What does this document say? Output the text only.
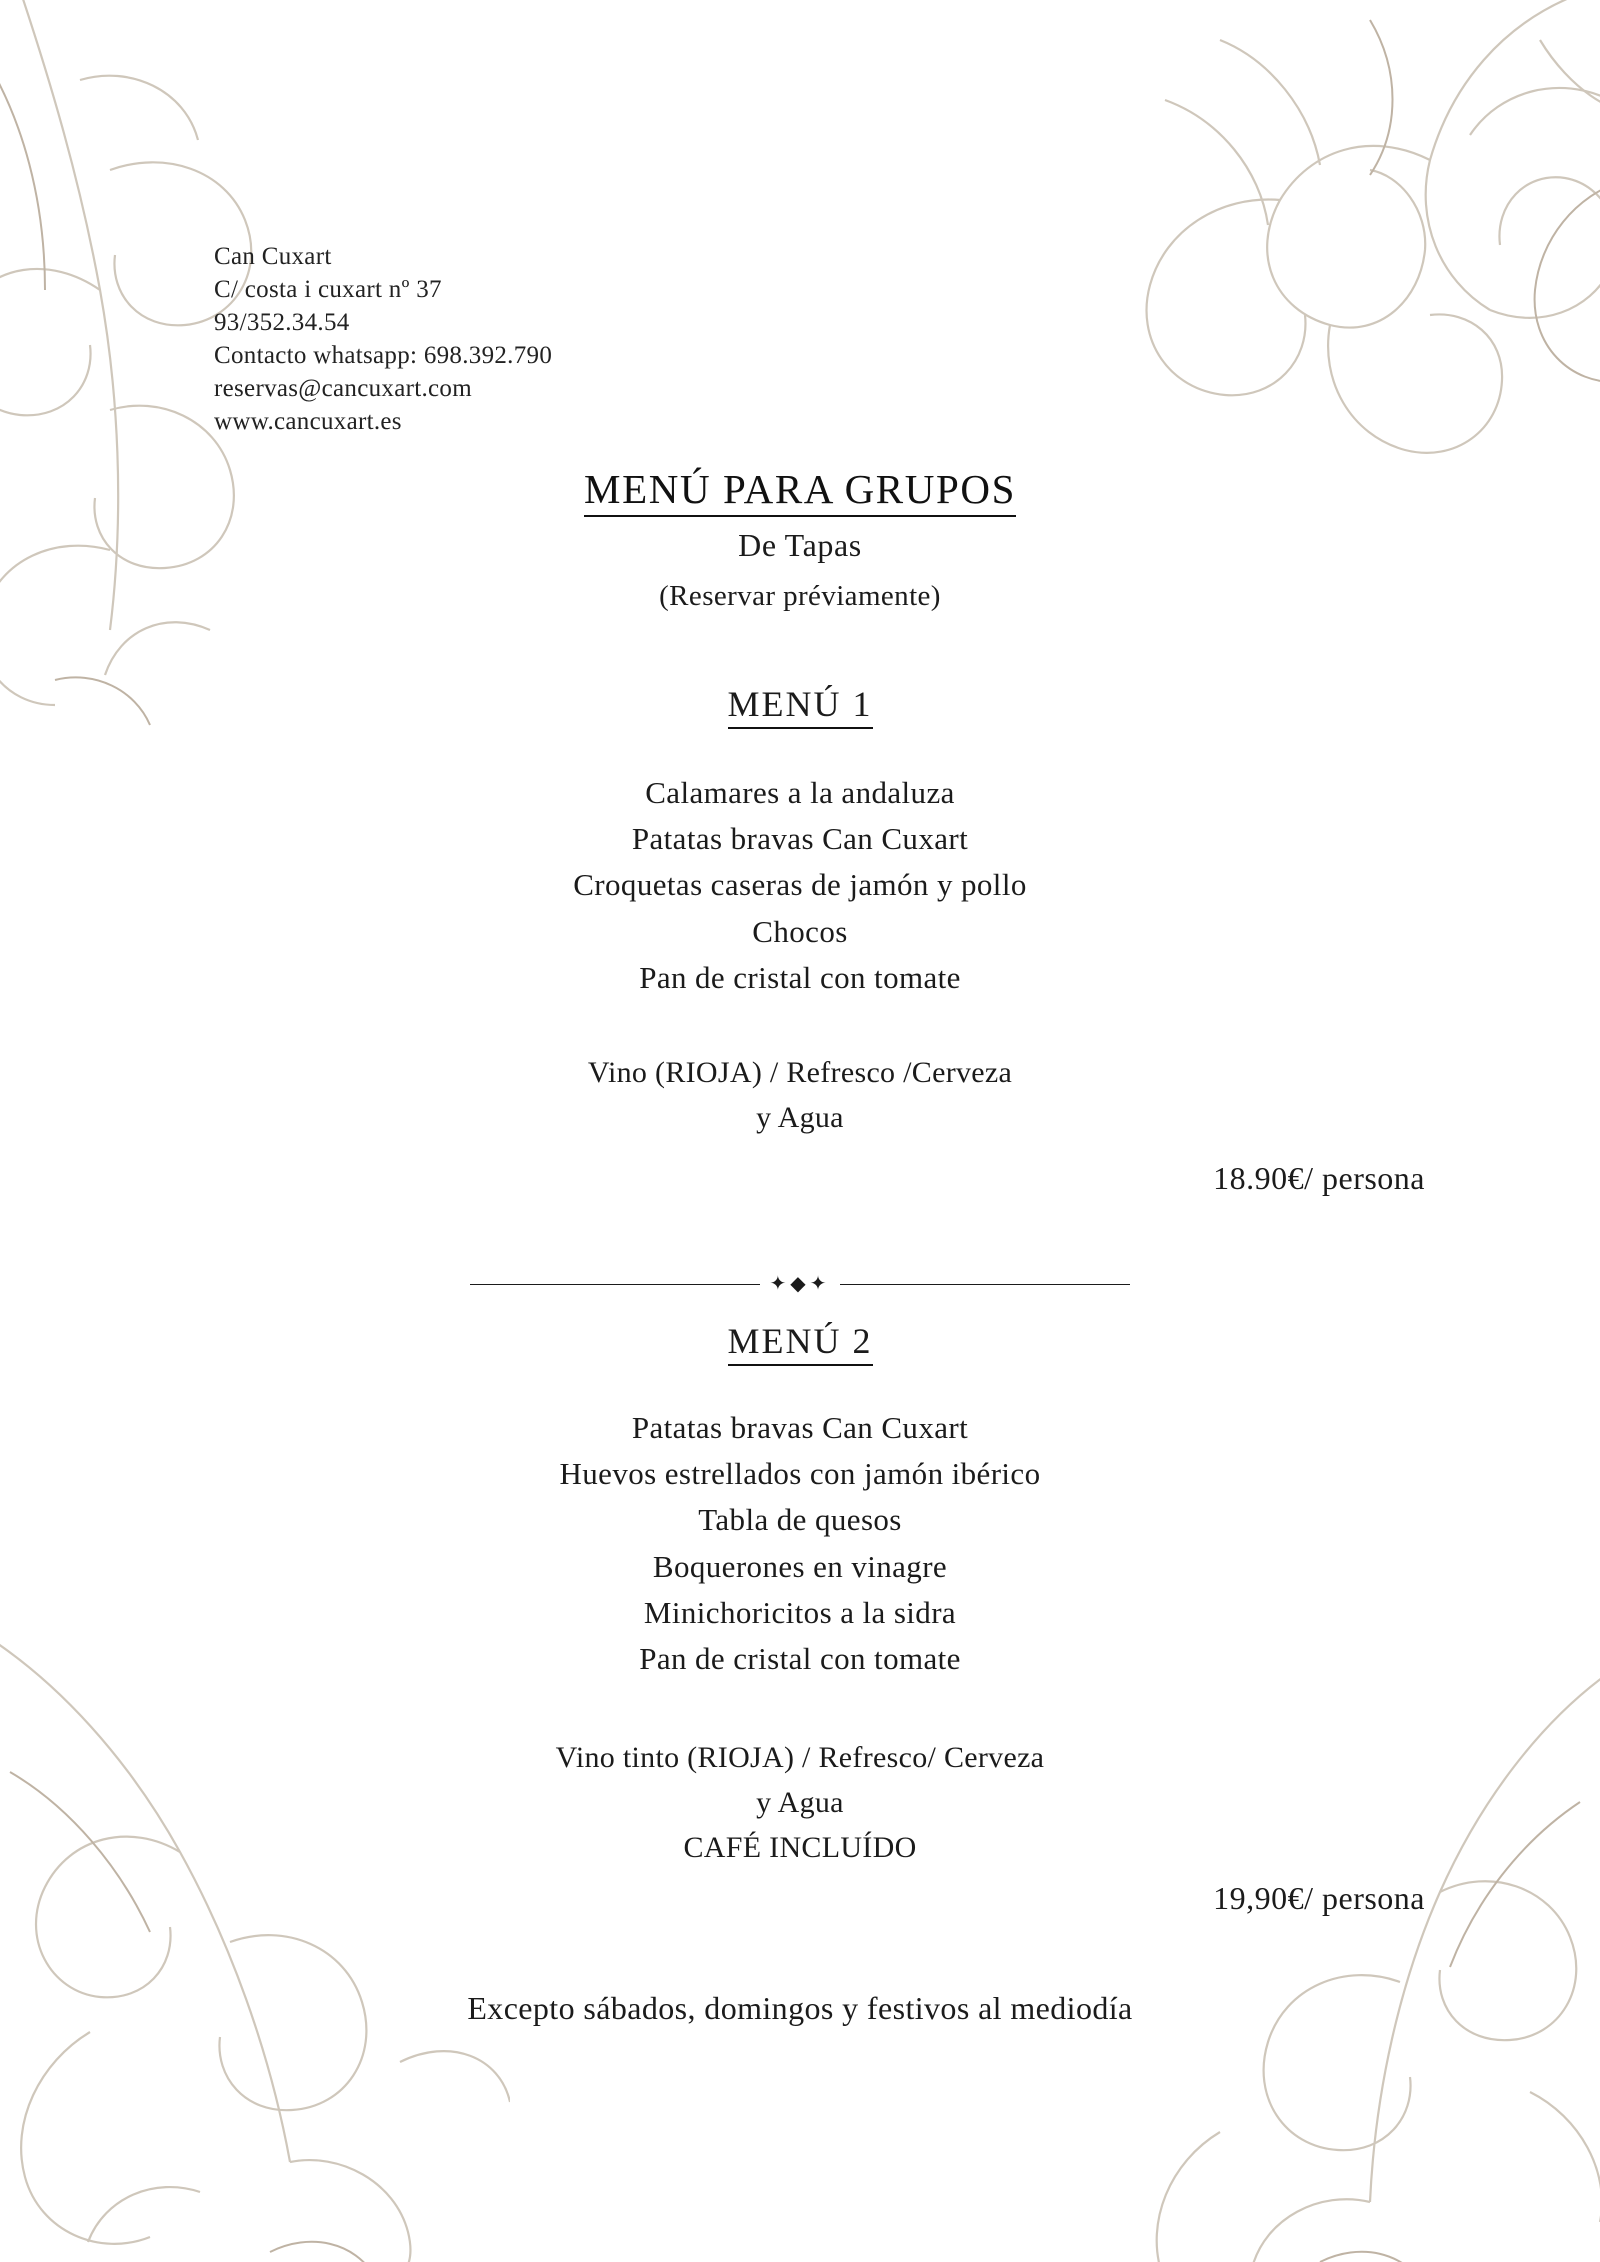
Can Cuxart
C/ costa i cuxart nº 37
93/352.34.54
Contacto whatsapp: 698.392.790
reservas@cancuxart.com
www.cancuxart.es
MENÚ PARA GRUPOS
De Tapas
(Reservar préviamente)
MENÚ 1
Calamares a la andaluza
Patatas bravas Can Cuxart
Croquetas caseras de jamón y pollo
Chocos
Pan de cristal con tomate
Vino (RIOJA) / Refresco /Cerveza
y Agua
18.90€/ persona
✦◆✦
MENÚ 2
Patatas bravas Can Cuxart
Huevos estrellados con jamón ibérico
Tabla de quesos
Boquerones en vinagre
Minichoricitos a la sidra
Pan de cristal con tomate
Vino tinto (RIOJA) / Refresco/ Cerveza
y Agua
CAFÉ INCLUÍDO
19,90€/ persona
Excepto sábados, domingos y festivos al mediodía
